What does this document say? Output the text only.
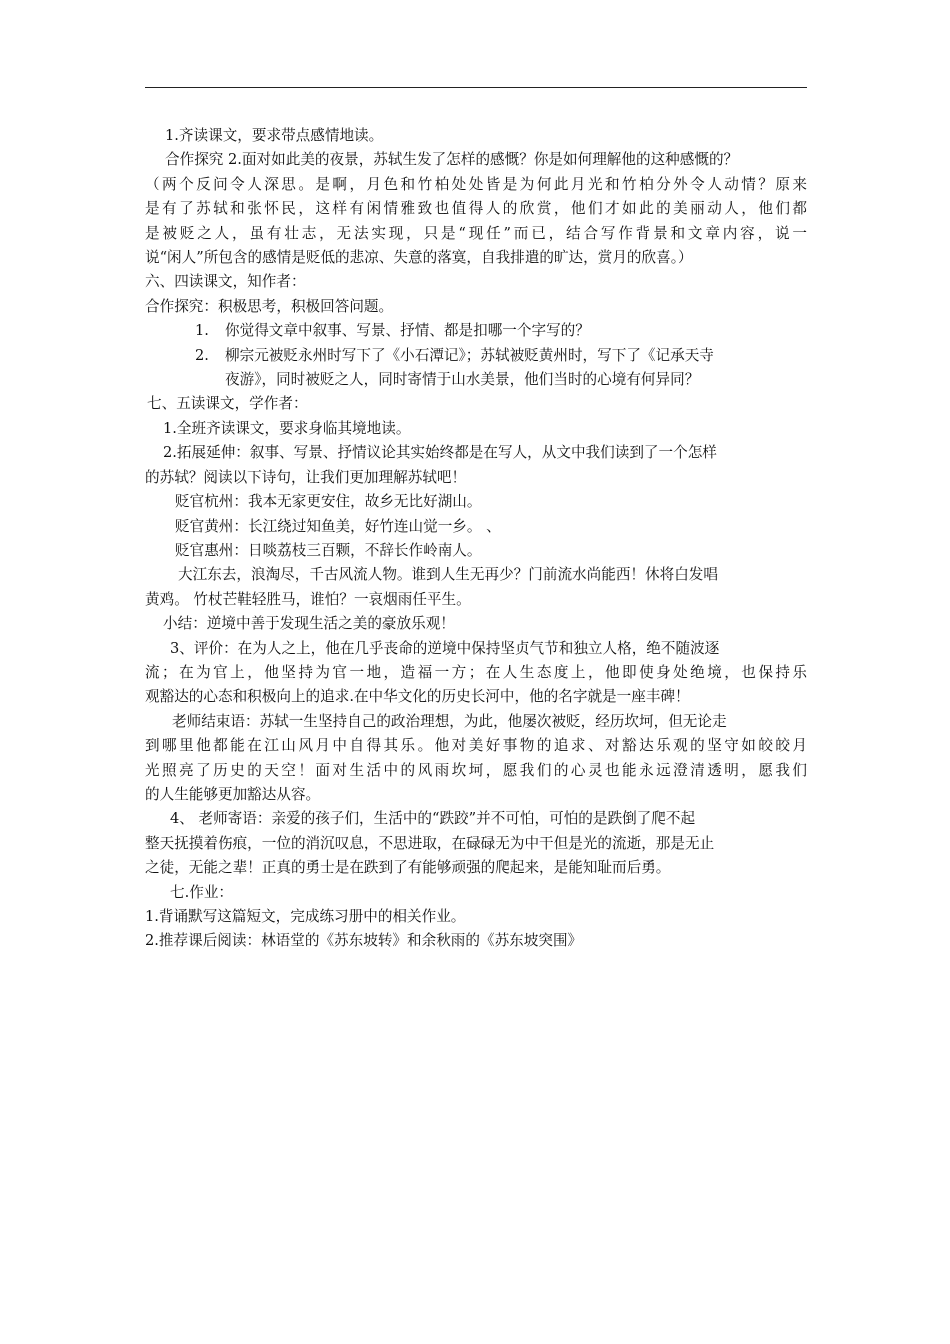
1.齐读课文，要求带点感情地读。

合作探究 2.面对如此美的夜景，苏轼生发了怎样的感慨？你是如何理解他的这种感慨的？

（两个反问令人深思。是啊，月色和竹柏处处皆是为何此月光和竹柏分外令人动情？原来

是有了苏轼和张怀民，这样有闲情雅致也值得人的欣赏，他们才如此的美丽动人，他们都

是被贬之人，虽有壮志，无法实现，只是“现任”而已，结合写作背景和文章内容，说一

说“闲人”所包含的感情是贬低的悲凉、失意的落寞，自我排遣的旷达，赏月的欣喜。）

六、四读课文，知作者：

合作探究：积极思考，积极回答问题。

1.	你觉得文章中叙事、写景、抒情、都是扣哪一个字写的？
2.	柳宗元被贬永州时写下了《小石潭记》；苏轼被贬黄州时，写下了《记承天寺

夜游》，同时被贬之人，同时寄情于山水美景，他们当时的心境有何异同？

七、五读课文，学作者：

1.全班齐读课文，要求身临其境地读。

2.拓展延伸：叙事、写景、抒情议论其实始终都是在写人，从文中我们读到了一个怎样

的苏轼？阅读以下诗句，让我们更加理解苏轼吧！

贬官杭州：我本无家更安住，故乡无比好湖山。

贬官黄州：长江绕过知鱼美，好竹连山觉一乡。 、

贬官惠州：日啖荔枝三百颗，不辞长作岭南人。

大江东去，浪淘尽，千古风流人物。谁到人生无再少？门前流水尚能西！休将白发唱

黄鸡。 竹杖芒鞋轻胜马，谁怕？一哀烟雨任平生。

小结：逆境中善于发现生活之美的豪放乐观！

3、评价：在为人之上，他在几乎丧命的逆境中保持坚贞气节和独立人格，绝不随波逐

流；在为官上，他坚持为官一地，造福一方；在人生态度上，他即使身处绝境，也保持乐

观豁达的心态和积极向上的追求.在中华文化的历史长河中，他的名字就是一座丰碑！

老师结束语：苏轼一生坚持自己的政治理想，为此，他屡次被贬，经历坎坷，但无论走

到哪里他都能在江山风月中自得其乐。他对美好事物的追求、对豁达乐观的坚守如皎皎月

光照亮了历史的天空！面对生活中的风雨坎坷，愿我们的心灵也能永远澄清透明，愿我们

的人生能够更加豁达从容。

4、 老师寄语：亲爱的孩子们，生活中的“跌跤”并不可怕，可怕的是跌倒了爬不起

整天抚摸着伤痕，一位的消沉叹息，不思进取，在碌碌无为中干但是光的流逝，那是无止

之徒，无能之辈！正真的勇士是在跌到了有能够顽强的爬起来，是能知耻而后勇。

七.作业：

1.背诵默写这篇短文，完成练习册中的相关作业。

2.推荐课后阅读：林语堂的《苏东坡转》和余秋雨的《苏东坡突围》
